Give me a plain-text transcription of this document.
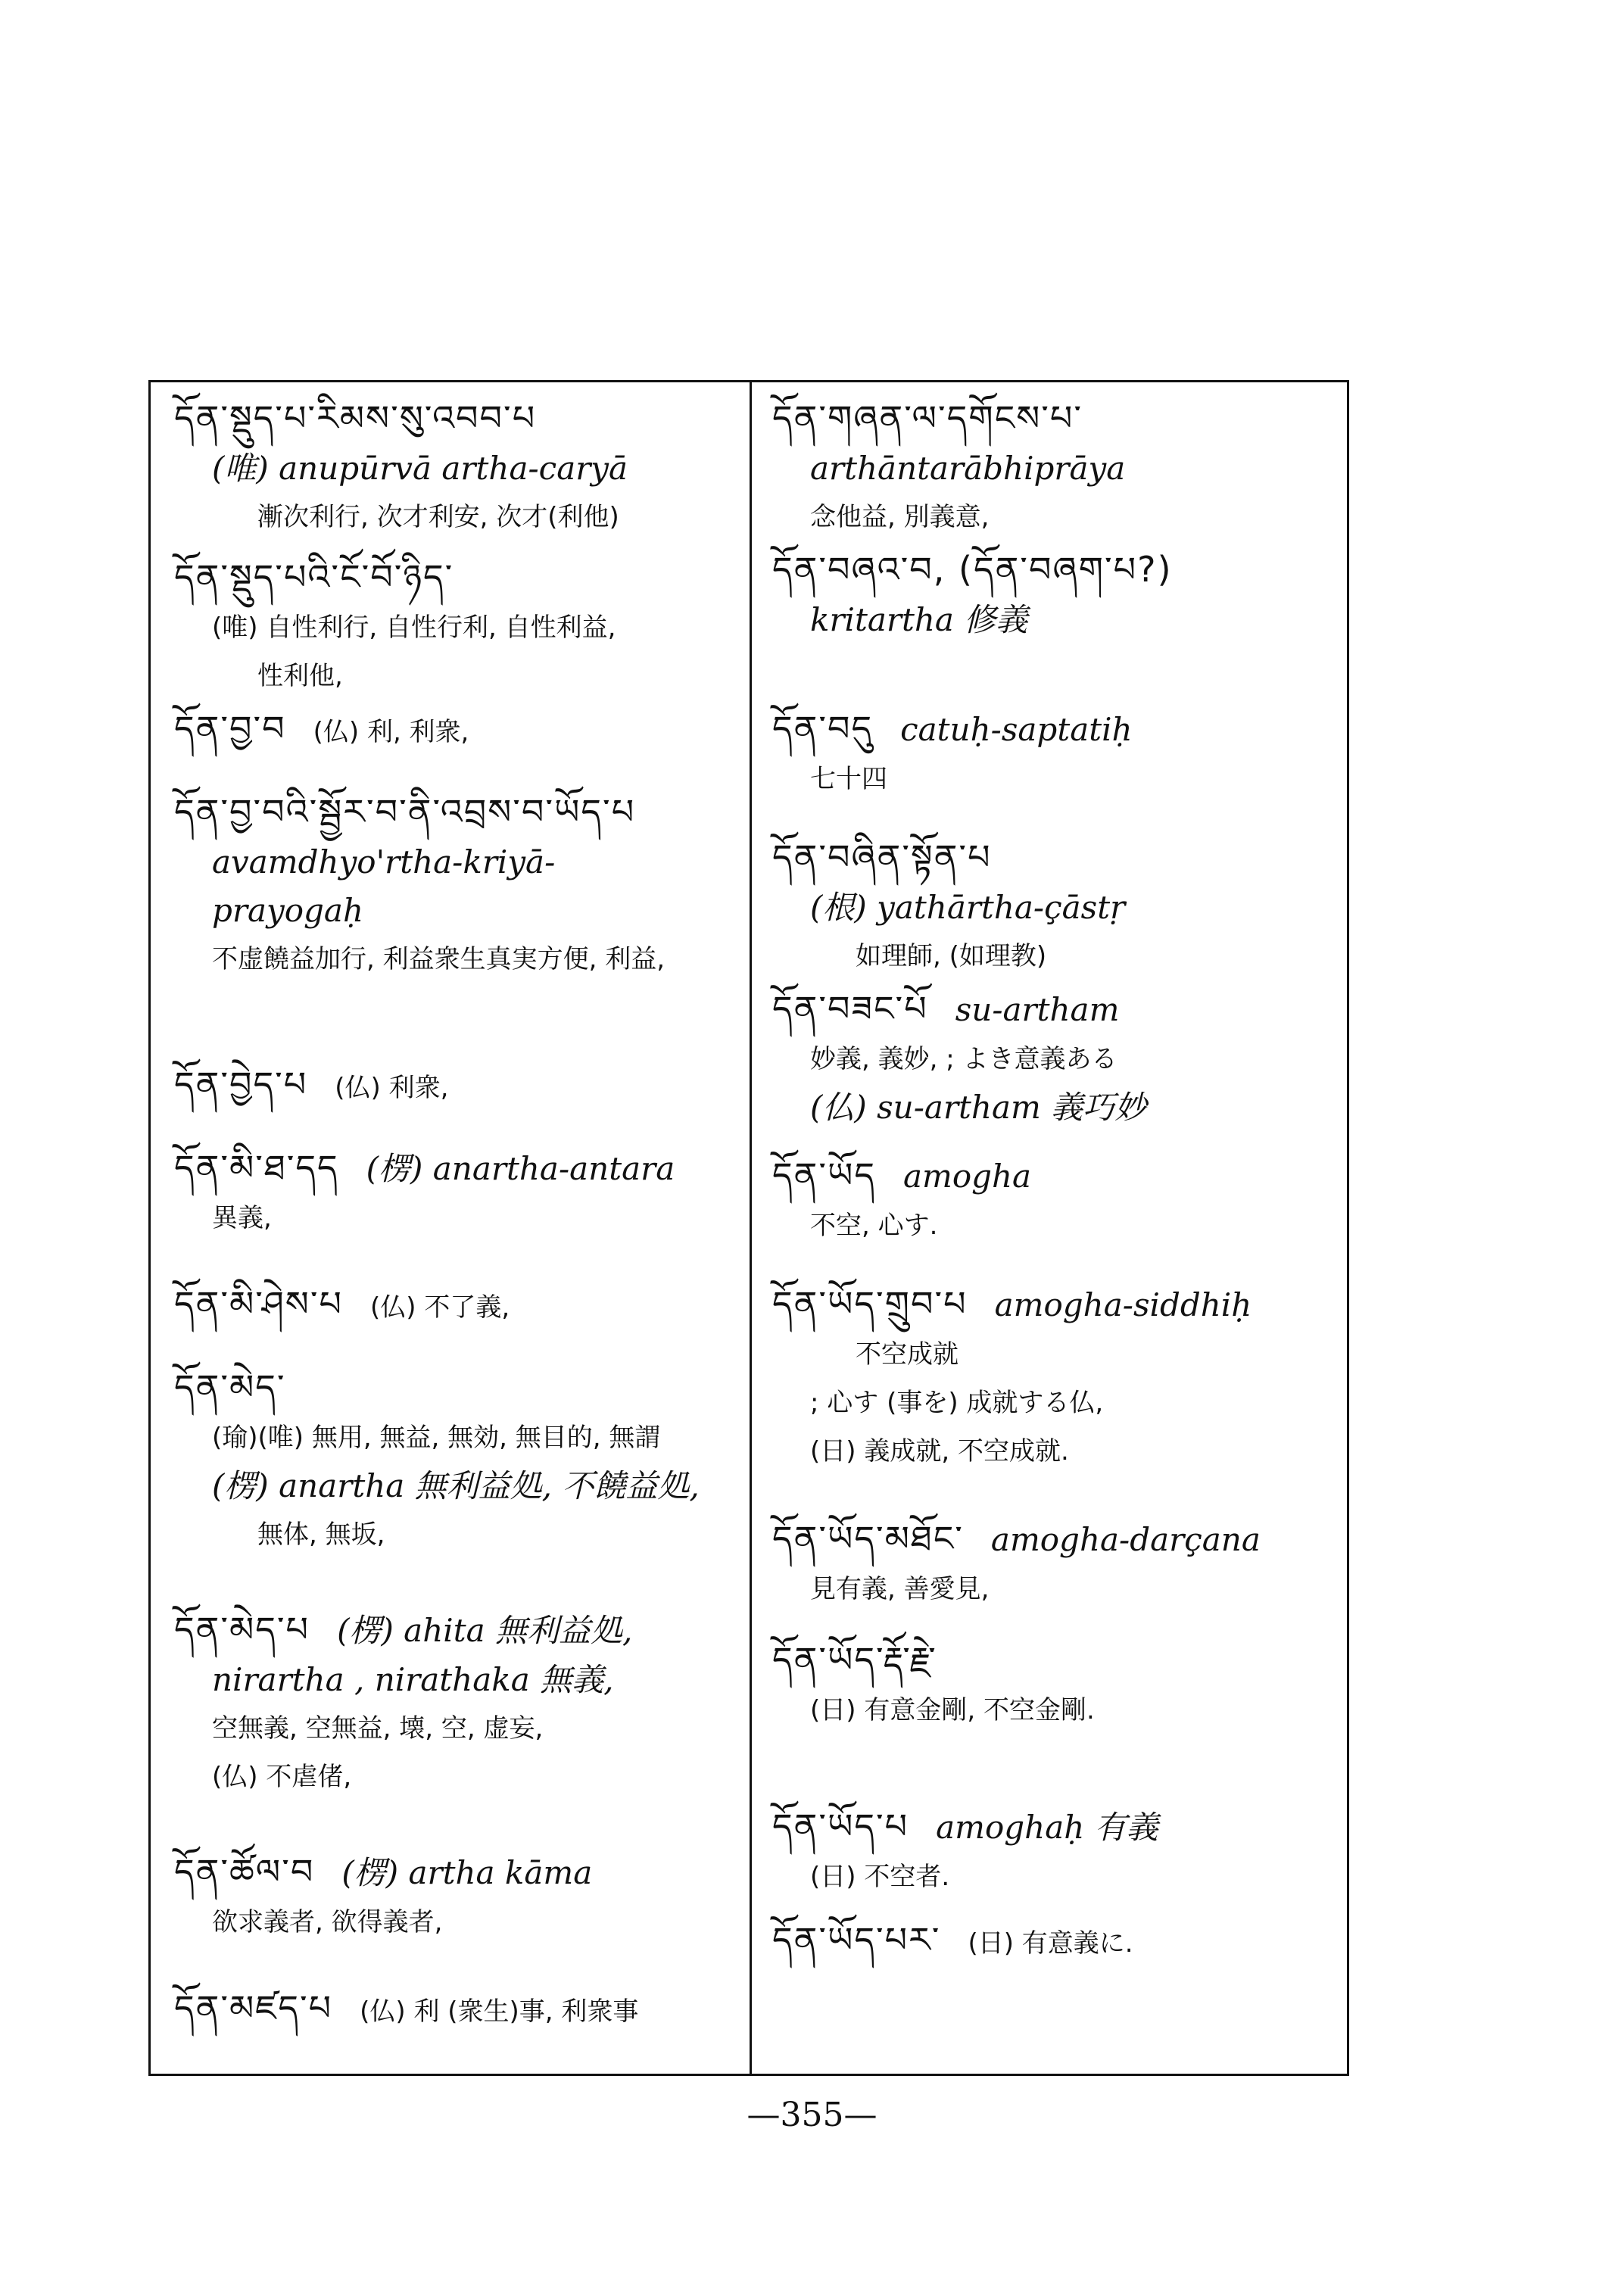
དོན་སྡུད་པ་རིམས་སུ་འབབ་པ
(唯) anupūrvā artha-caryā
漸次利行, 次才利安, 次才(利他)
དོན་སྡུད་པའི་ངོ་བོ་ཉིད་
(唯) 自性利行, 自性行利, 自性利益,
性利他,
དོན་བྱ་བ (仏) 利, 利衆,
དོན་བྱ་བའི་སྦྱོར་བ་ནི་འབྲས་བ་ཡོད་པ
avamdhyo'rtha-kriyā-
prayogaḥ
不虚饒益加行, 利益衆生真実方便, 利益,
དོན་བྱེད་པ (仏) 利衆,
དོན་མི་ཐ་དད (楞) anartha-antara
異義,
དོན་མི་ཤེས་པ (仏) 不了義,
དོན་མེད་
(瑜)(唯) 無用, 無益, 無効, 無目的, 無謂
(楞) anartha 無利益処, 不饒益処,
無体, 無坂,
དོན་མེད་པ (楞) ahita 無利益処,
nirartha , nirathaka 無義,
空無義, 空無益, 壊, 空, 虚妄,
(仏) 不虐偖,
དོན་ཚོལ་བ (楞) artha kāma
欲求義者, 欲得義者,
དོན་མཛད་པ (仏) 利 (衆生)事, 利衆事
དོན་གཞན་ལ་དགོངས་པ་
arthāntarābhiprāya
念他益, 別義意,
དོན་བཞའ་བ, (དོན་བཞག་པ?)
kritartha 修義
དོན་བདུ catuḥ-saptatiḥ
七十四
དོན་བཞིན་སྟོན་པ
(根) yathārtha-çāstṛ
如理師, (如理教)
དོན་བཟང་པོ su-artham
妙義, 義妙, ; よき意義ある
(仏) su-artham 義巧妙
དོན་ཡོད amogha
不空, 心す.
དོན་ཡོད་གྲུབ་པ amogha-siddhiḥ
不空成就
; 心す (事を) 成就する仏,
(日) 義成就, 不空成就.
དོན་ཡོད་མཐོང་ amogha-darçana
見有義, 善愛見,
དོན་ཡོད་རྡོ་རྗེ་
(日) 有意金剛, 不空金剛.
དོན་ཡོད་པ amoghaḥ 有義
(日) 不空者.
དོན་ཡོད་པར་ (日) 有意義に.
—355—
